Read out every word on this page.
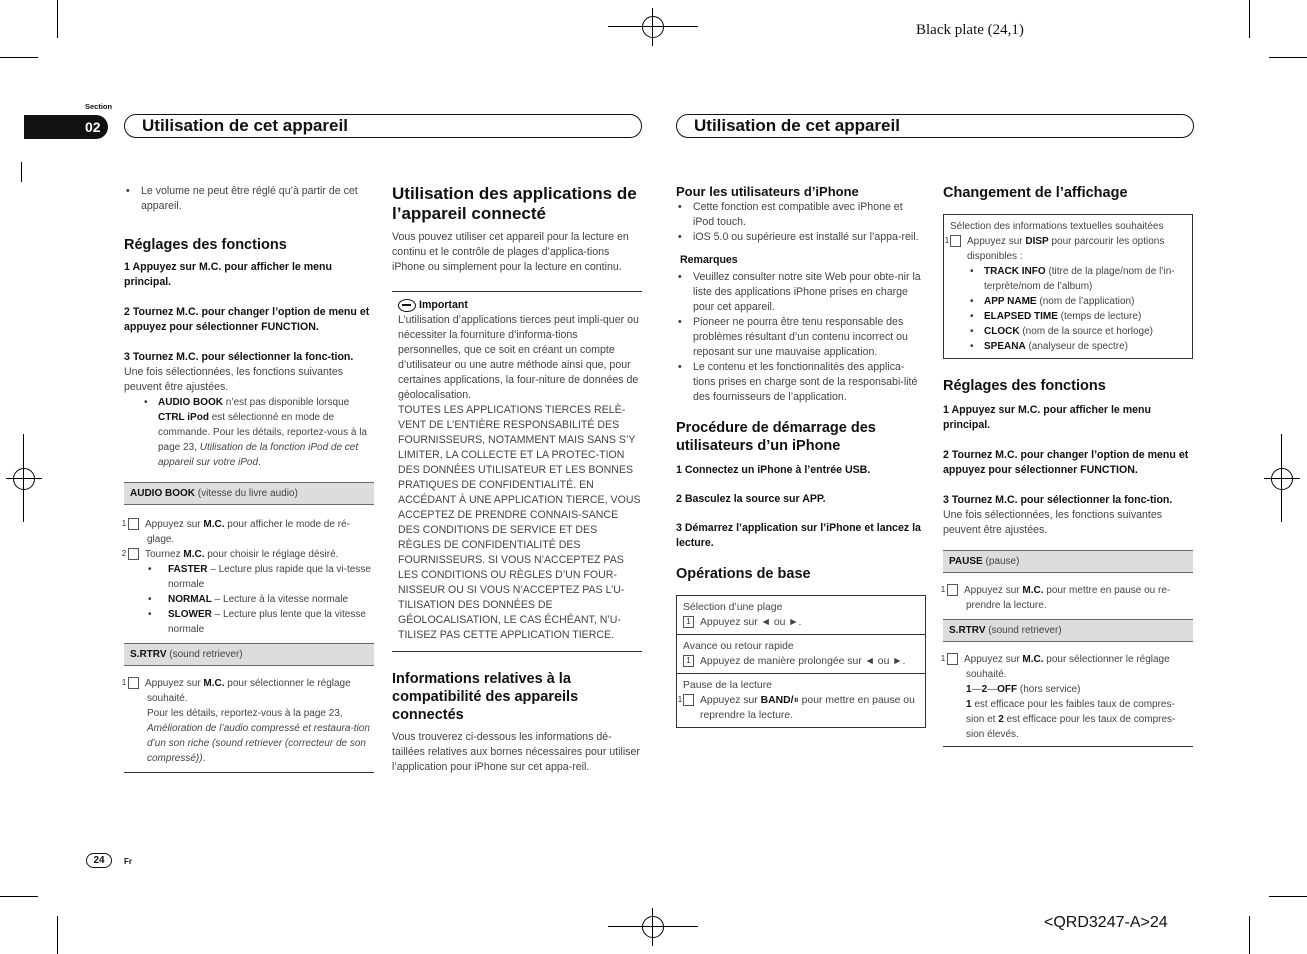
Black plate (24,1)
Section
02	Utilisation de cet appareil	Utilisation de cet appareil

• Le volume ne peut être réglé qu’à partir de cet appareil.

Réglages des fonctions

1 Appuyez sur M.C. pour afficher le menu principal.

2 Tournez M.C. pour changer l’option de menu et appuyez pour sélectionner FUNCTION.

3 Tournez M.C. pour sélectionner la fonc-tion.

Une fois sélectionnées, les fonctions suivantes peuvent être ajustées.

• AUDIO BOOK n’est pas disponible lorsque CTRL iPod est sélectionné en mode de commande. Pour les détails, reportez-vous à la page 23, Utilisation de la fonction iPod de cet appareil sur votre iPod.

AUDIO BOOK (vitesse du livre audio)

1 Appuyez sur M.C. pour afficher le mode de ré-glage.

2 Tournez M.C. pour choisir le réglage désiré.

• FASTER – Lecture plus rapide que la vi-tesse normale

• NORMAL – Lecture à la vitesse normale

• SLOWER – Lecture plus lente que la vitesse normale

S.RTRV (sound retriever)

1 Appuyez sur M.C. pour sélectionner le réglage souhaité.

Pour les détails, reportez-vous à la page 23, Amélioration de l’audio compressé et restaura-tion d’un son riche (sound retriever (correcteur de son compressé)).

Utilisation des applications de l’appareil connecté

Vous pouvez utiliser cet appareil pour la lecture en continu et le contrôle de plages d’applica-tions iPhone ou simplement pour la lecture en continu.

Important

L’utilisation d’applications tierces peut impli-quer ou nécessiter la fourniture d’informa-tions personnelles, que ce soit en créant un compte d’utilisateur ou une autre méthode ainsi que, pour certaines applications, la four-niture de données de géolocalisation.

TOUTES LES APPLICATIONS TIERCES RELÈ-VENT DE L’ENTIÈRE RESPONSABILITÉ DES FOURNISSEURS, NOTAMMENT MAIS SANS S’Y LIMITER, LA COLLECTE ET LA PROTEC-TION DES DONNÉES UTILISATEUR ET LES BONNES PRATIQUES DE CONFIDENTIALITÉ. EN ACCÉDANT À UNE APPLICATION TIERCE, VOUS ACCEPTEZ DE PRENDRE CONNAIS-SANCE DES CONDITIONS DE SERVICE ET DES RÈGLES DE CONFIDENTIALITÉ DES FOURNISSEURS. SI VOUS N’ACCEPTEZ PAS LES CONDITIONS OU RÈGLES D’UN FOUR-NISSEUR OU SI VOUS N’ACCEPTEZ PAS L’U-TILISATION DES DONNÉES DE GÉOLOCALISATION, LE CAS ÉCHÉANT, N’U-TILISEZ PAS CETTE APPLICATION TIERCE.

Informations relatives à la compatibilité des appareils connectés

Vous trouverez ci-dessous les informations dé-taillées relatives aux bornes nécessaires pour utiliser l’application pour iPhone sur cet appa-reil.

Pour les utilisateurs d’iPhone

• Cette fonction est compatible avec iPhone et iPod touch.

• iOS 5.0 ou supérieure est installé sur l’appa-reil.

Remarques

• Veuillez consulter notre site Web pour obte-nir la liste des applications iPhone prises en charge pour cet appareil.

• Pioneer ne pourra être tenu responsable des problèmes résultant d’un contenu incorrect ou reposant sur une mauvaise application.

• Le contenu et les fonctionnalités des applica-tions prises en charge sont de la responsabi-lité des fournisseurs de l’application.

Procédure de démarrage des utilisateurs d’un iPhone

1 Connectez un iPhone à l’entrée USB.

2 Basculez la source sur APP.

3 Démarrez l’application sur l’iPhone et lancez la lecture.

Opérations de base

Sélection d’une plage

1 Appuyez sur ◄ ou ►.

Avance ou retour rapide

1 Appuyez de manière prolongée sur ◄ ou ►.

Pause de la lecture

1 Appuyez sur BAND/⏸ pour mettre en pause ou reprendre la lecture.

Changement de l’affichage

Sélection des informations textuelles souhaitées

1 Appuyez sur DISP pour parcourir les options disponibles :

• TRACK INFO (titre de la plage/nom de l’in-terprète/nom de l’album)

• APP NAME (nom de l’application)

• ELAPSED TIME (temps de lecture)

• CLOCK (nom de la source et horloge)

• SPEANA (analyseur de spectre)

Réglages des fonctions

1 Appuyez sur M.C. pour afficher le menu principal.

2 Tournez M.C. pour changer l’option de menu et appuyez pour sélectionner FUNCTION.

3 Tournez M.C. pour sélectionner la fonc-tion.

Une fois sélectionnées, les fonctions suivantes peuvent être ajustées.

PAUSE (pause)

1 Appuyez sur M.C. pour mettre en pause ou re-prendre la lecture.

S.RTRV (sound retriever)

1 Appuyez sur M.C. pour sélectionner le réglage souhaité.

1—2—OFF (hors service)

1 est efficace pour les faibles taux de compres-sion et 2 est efficace pour les taux de compres-sion élevés.

24	Fr
<QRD3247-A>24
